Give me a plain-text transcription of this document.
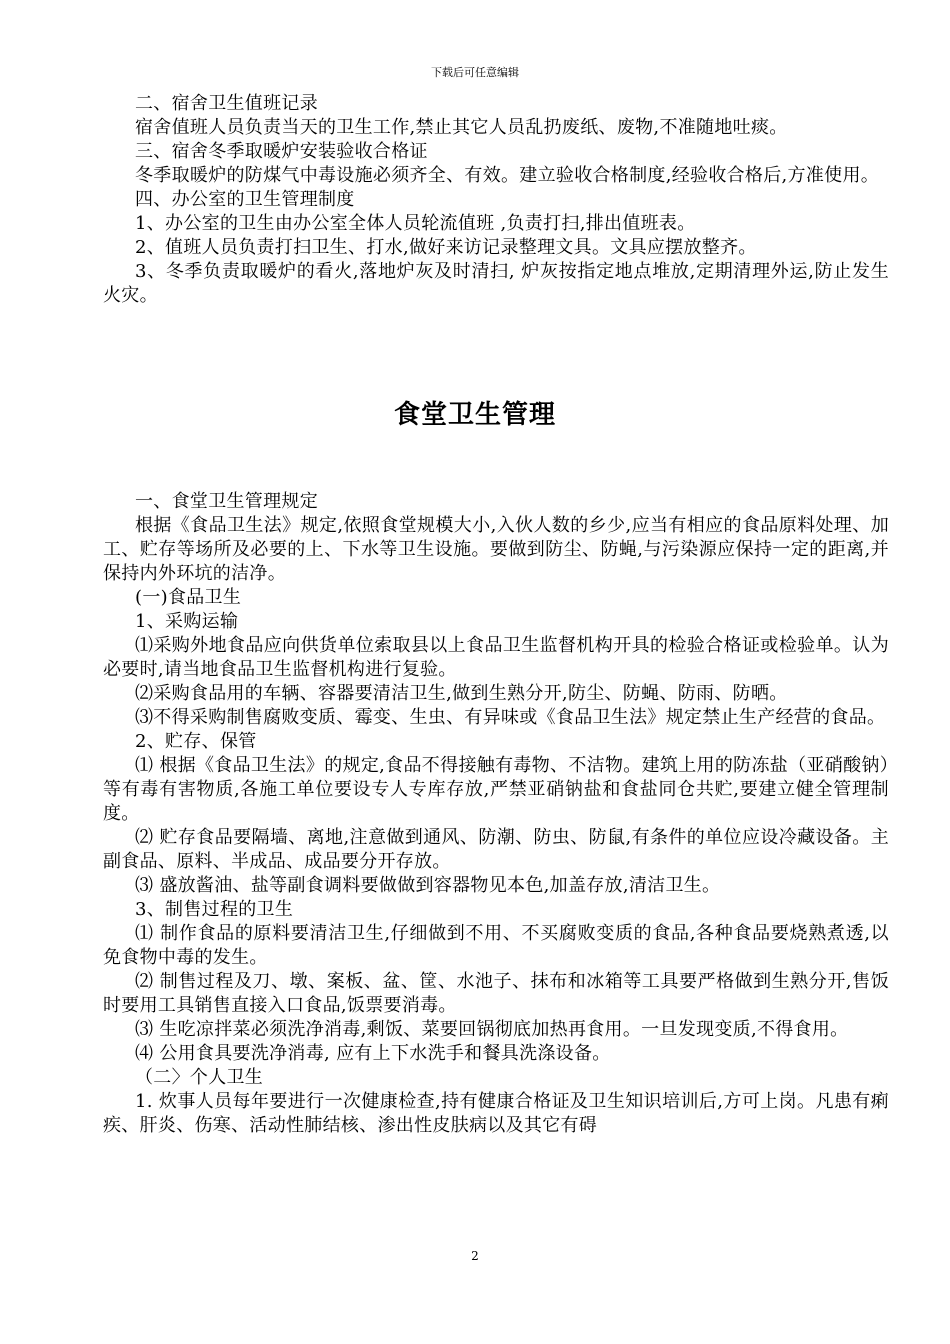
下载后可任意编辑

二、宿舍卫生值班记录

宿舍值班人员负责当天的卫生工作,禁止其它人员乱扔废纸、废物,不准随地吐痰。

三、宿舍冬季取暖炉安装验收合格证

冬季取暖炉的防煤气中毒设施必须齐全、有效。建立验收合格制度,经验收合格后,方准使用。

四、办公室的卫生管理制度

1、办公室的卫生由办公室全体人员轮流值班 ,负责打扫,排出值班表。

2、值班人员负责打扫卫生、打水,做好来访记录整理文具。文具应摆放整齐。

3、冬季负责取暖炉的看火,落地炉灰及时清扫, 炉灰按指定地点堆放,定期清理外运,防止发生火灾。

食堂卫生管理

一、食堂卫生管理规定

根据《食品卫生法》规定,依照食堂规模大小,入伙人数的乡少,应当有相应的食品原料处理、加工、贮存等场所及必要的上、下水等卫生设施。要做到防尘、防蝇,与污染源应保持一定的距离,并保持内外环坑的洁净。

(一)食品卫生

1、采购运输

⑴采购外地食品应向供货单位索取县以上食品卫生监督机构开具的检验合格证或检验单。认为必要时,请当地食品卫生监督机构进行复验。

⑵采购食品用的车辆、容器要清洁卫生,做到生熟分开,防尘、防蝇、防雨、防晒。

⑶不得采购制售腐败变质、霉变、生虫、有异味或《食品卫生法》规定禁止生产经营的食品。

2、贮存、保管

⑴ 根据《食品卫生法》的规定,食品不得接触有毒物、不洁物。建筑上用的防冻盐（亚硝酸钠）等有毒有害物质,各施工单位要设专人专库存放,严禁亚硝钠盐和食盐同仓共贮,要建立健全管理制度。

⑵ 贮存食品要隔墙、离地,注意做到通风、防潮、防虫、防鼠,有条件的单位应设冷藏设备。主副食品、原料、半成品、成品要分开存放。

⑶ 盛放酱油、盐等副食调料要做做到容器物见本色,加盖存放,清洁卫生。

3、制售过程的卫生

⑴ 制作食品的原料要清洁卫生,仔细做到不用、不买腐败变质的食品,各种食品要烧熟煮透,以免食物中毒的发生。

⑵ 制售过程及刀、墩、案板、盆、筐、水池子、抹布和冰箱等工具要严格做到生熟分开,售饭时要用工具销售直接入口食品,饭票要消毒。

⑶ 生吃凉拌菜必须洗净消毒,剩饭、菜要回锅彻底加热再食用。一旦发现变质,不得食用。

⑷ 公用食具要洗净消毒, 应有上下水洗手和餐具洗涤设备。

（二〉个人卫生

1. 炊事人员每年要进行一次健康检查,持有健康合格证及卫生知识培训后,方可上岗。凡患有痢疾、肝炎、伤寒、活动性肺结核、渗出性皮肤病以及其它有碍

2
